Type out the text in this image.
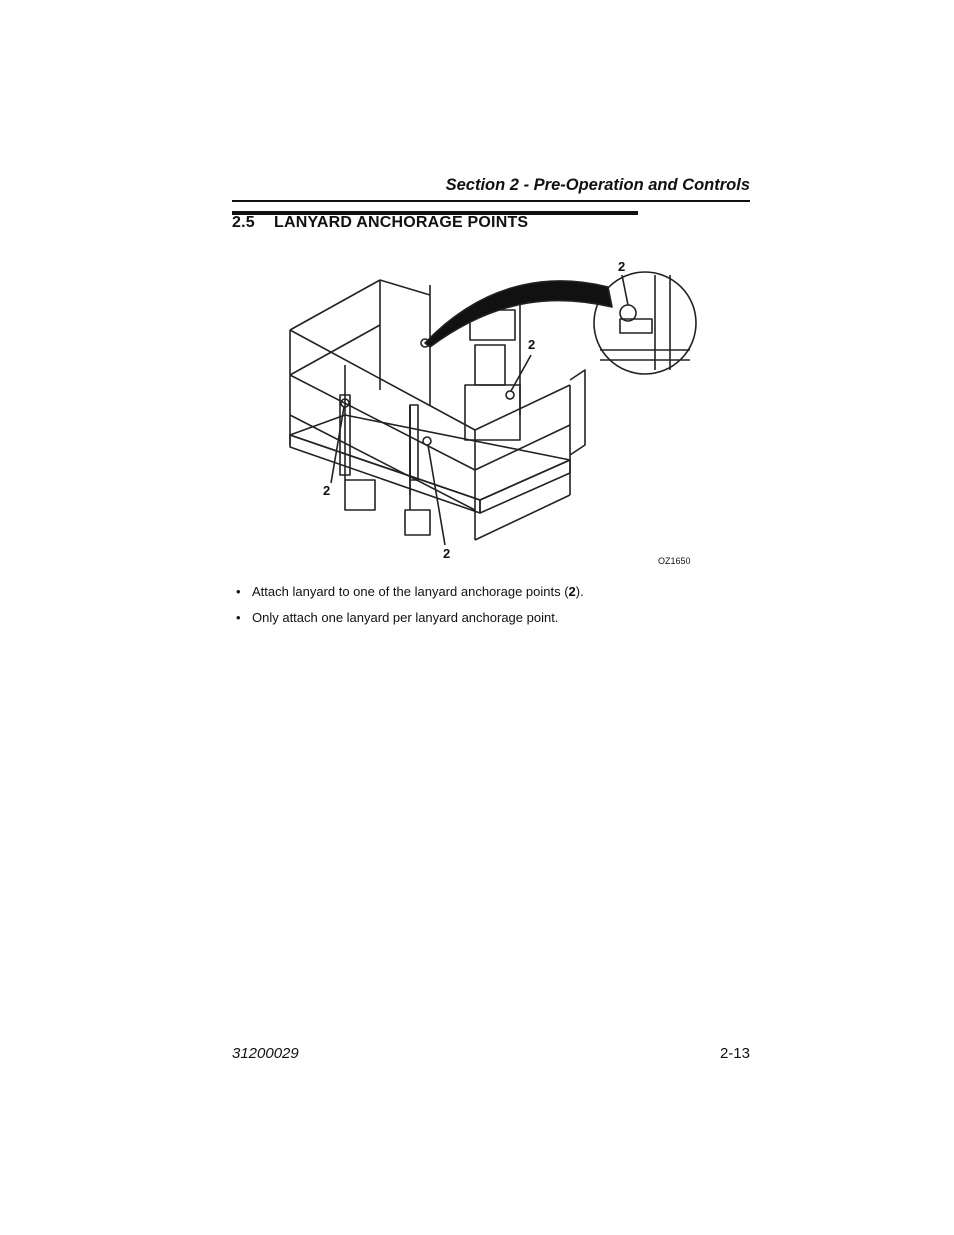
Section 2 - Pre-Operation and Controls
2.5 LANYARD ANCHORAGE POINTS
2
2
2
2	OZ1650
• Attach lanyard to one of the lanyard anchorage points (2).
• Only attach one lanyard per lanyard anchorage point.
31200029	2-13
